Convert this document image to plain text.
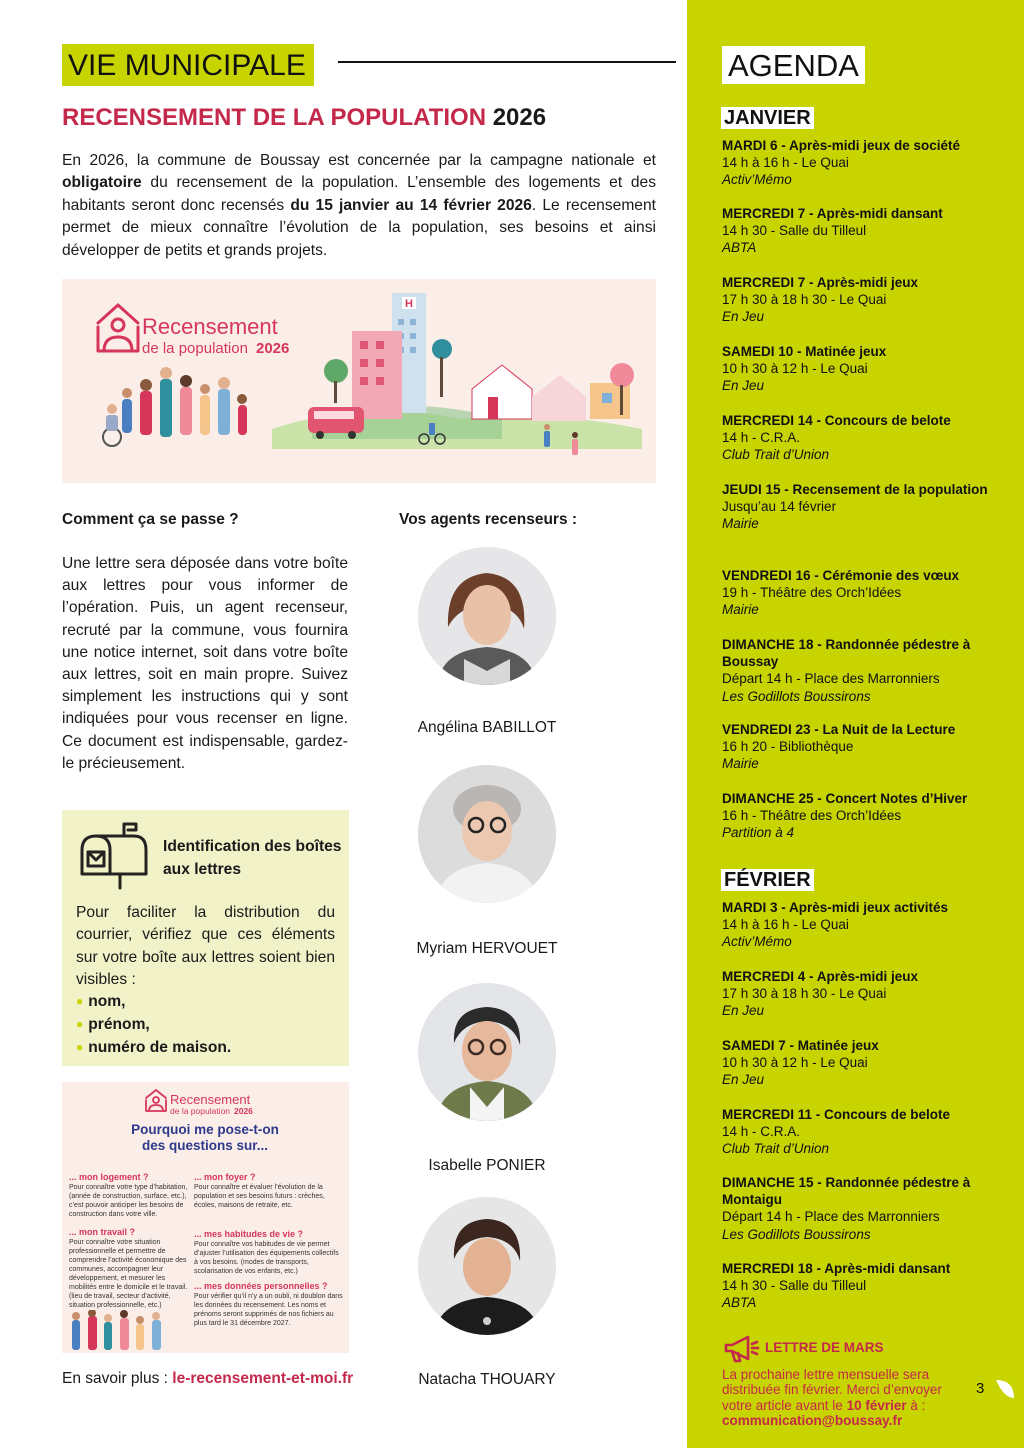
VIE MUNICIPALE
RECENSEMENT DE LA POPULATION 2026

En 2026, la commune de Boussay est concernée par la campagne nationale et obligatoire du recensement de la population. L’ensemble des logements et des habitants seront donc recensés du 15 janvier au 14 février 2026. Le recensement permet de mieux connaître l’évolution de la population, ses besoins et ainsi développer de petits et grands projets.

Recensement
de la population 2026
H
Comment ça se passe ?

Une lettre sera déposée dans votre boîte aux lettres pour vous informer de l’opération. Puis, un agent recenseur, recruté par la commune, vous fournira une notice internet, soit dans votre boîte aux lettres, soit en main propre. Suivez simplement les instructions qui y sont indiquées pour vous recenser en ligne. Ce document est indispensable, gardez-le précieusement.

Identification des boîtes aux lettres

Pour faciliter la distribution du courrier, vérifiez que ces éléments sur votre boîte aux lettres soient bien visibles :

● nom,
● prénom,
● numéro de maison.
Recensement
de la population 2026
Pourquoi me pose-t-on
des questions sur...
... mon logement ?
Pour connaître votre type d’habitation, (année de construction, surface, etc.), c’est pouvoir anticiper les besoins de construction dans votre ville.
... mon foyer ?
Pour connaître et évaluer l’évolution de la population et ses besoins futurs : crèches, écoles, maisons de retraite, etc.
... mon travail ?
Pour connaître votre situation professionnelle et permettre de comprendre l’activité économique des communes, accompagner leur développement, et mesurer les mobilités entre le domicile et le travail. (lieu de travail, secteur d’activité, situation professionnelle, etc.)
... mes habitudes de vie ?
Pour connaître vos habitudes de vie permet d’ajuster l’utilisation des équipements collectifs à vos besoins. (modes de transports, scolarisation de vos enfants, etc.)
... mes données personnelles ?
Pour vérifier qu’il n’y a un oubli, ni doublon dans les données du recensement. Les noms et prénoms seront supprimés de nos fichiers au plus tard le 31 décembre 2027.
En savoir plus : le-recensement-et-moi.fr
Vos agents recenseurs :
Angélina BABILLOT
Myriam HERVOUET
Isabelle PONIER
Natacha THOUARY
AGENDA
JANVIER
MARDI 6 - Après-midi jeux de société
14 h à 16 h - Le Quai
Activ’Mémo
MERCREDI 7 - Après-midi dansant
14 h 30 - Salle du Tilleul
ABTA
MERCREDI 7 - Après-midi jeux
17 h 30 à 18 h 30 - Le Quai
En Jeu
SAMEDI 10 - Matinée jeux
10 h 30 à 12 h - Le Quai
En Jeu
MERCREDI 14 - Concours de belote
14 h - C.R.A.
Club Trait d’Union
JEUDI 15 - Recensement de la population
Jusqu’au 14 février
Mairie
VENDREDI 16 - Cérémonie des vœux
19 h - Théâtre des Orch’Idées
Mairie
DIMANCHE 18 - Randonnée pédestre à Boussay
Départ 14 h - Place des Marronniers
Les Godillots Boussirons
VENDREDI 23 - La Nuit de la Lecture
16 h 20 - Bibliothèque
Mairie
DIMANCHE 25 - Concert Notes d’Hiver
16 h - Théâtre des Orch’Idées
Partition à 4
FÉVRIER
MARDI 3 - Après-midi jeux activités
14 h à 16 h - Le Quai
Activ’Mémo
MERCREDI 4 - Après-midi jeux
17 h 30 à 18 h 30 - Le Quai
En Jeu
SAMEDI 7 - Matinée jeux
10 h 30 à 12 h - Le Quai
En Jeu
MERCREDI 11 - Concours de belote
14 h - C.R.A.
Club Trait d’Union
DIMANCHE 15 - Randonnée pédestre à Montaigu
Départ 14 h - Place des Marronniers
Les Godillots Boussirons
MERCREDI 18 - Après-midi dansant
14 h 30 - Salle du Tilleul
ABTA
LETTRE DE MARS

La prochaine lettre mensuelle sera distribuée fin février. Merci d’envoyer votre article avant le 10 février à :
communication@boussay.fr

3
